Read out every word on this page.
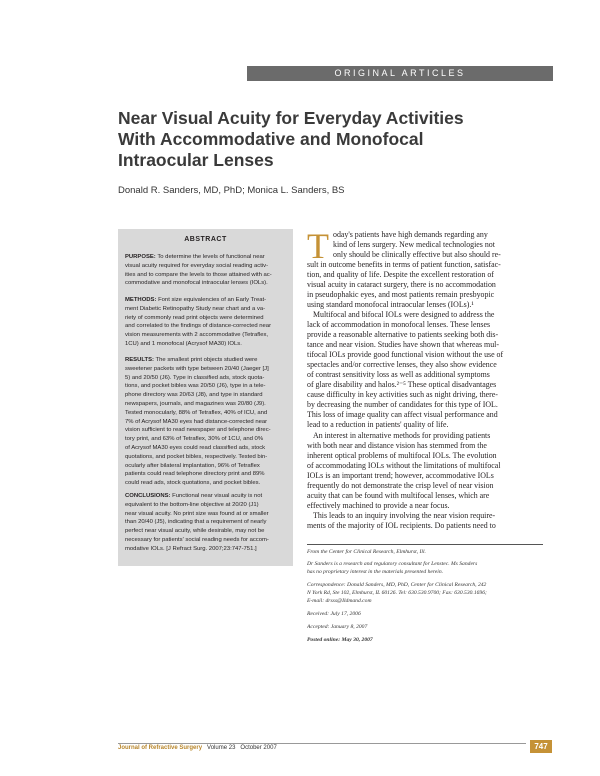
ORIGINAL ARTICLES
Near Visual Acuity for Everyday Activities
With Accommodative and Monofocal
Intraocular Lenses
Donald R. Sanders, MD, PhD; Monica L. Sanders, BS
ABSTRACT
PURPOSE: To determine the levels of functional near
visual acuity required for everyday social reading activ-
ities and to compare the levels to those attained with ac-
commodative and monofocal intraocular lenses (IOLs).
METHODS: Font size equivalencies of an Early Treat-
ment Diabetic Retinopathy Study near chart and a va-
riety of commonly read print objects were determined
and correlated to the findings of distance-corrected near
vision measurements with 2 accommodative (Tetraflex,
1CU) and 1 monofocal (Acrysof MA30) IOLs.
RESULTS: The smallest print objects studied were
sweetener packets with type between 20/40 (Jaeger [J]
5) and 20/50 (J6). Type in classified ads, stock quota-
tions, and pocket bibles was 20/50 (J6), type in a tele-
phone directory was 20/63 (J8), and type in standard
newspapers, journals, and magazines was 20/80 (J9).
Tested monocularly, 88% of Tetraflex, 40% of ICU, and
7% of Acrysof MA30 eyes had distance-corrected near
vision sufficient to read newspaper and telephone direc-
tory print, and 63% of Tetraflex, 30% of 1CU, and 0%
of Acrysof MA30 eyes could read classified ads, stock
quotations, and pocket bibles, respectively. Tested bin-
ocularly after bilateral implantation, 96% of Tetraflex
patients could read telephone directory print and 89%
could read ads, stock quotations, and pocket bibles.
CONCLUSIONS: Functional near visual acuity is not
equivalent to the bottom-line objective at 20/20 (J1)
near visual acuity. No print size was found at or smaller
than 20/40 (J5), indicating that a requirement of nearly
perfect near visual acuity, while desirable, may not be
necessary for patients' social reading needs for accom-
modative IOLs. [J Refract Surg. 2007;23:747-751.]
T oday's patients have high demands regarding any
kind of lens surgery. New medical technologies not
only should be clinically effective but also should re-
sult in outcome benefits in terms of patient function, satisfac-
tion, and quality of life. Despite the excellent restoration of
visual acuity in cataract surgery, there is no accommodation
in pseudophakic eyes, and most patients remain presbyopic
using standard monofocal intraocular lenses (IOLs).¹
Multifocal and bifocal IOLs were designed to address the
lack of accommodation in monofocal lenses. These lenses
provide a reasonable alternative to patients seeking both dis-
tance and near vision. Studies have shown that whereas mul-
tifocal IOLs provide good functional vision without the use of
spectacles and/or corrective lenses, they also show evidence
of contrast sensitivity loss as well as additional symptoms
of glare disability and halos.²⁻⁵ These optical disadvantages
cause difficulty in key activities such as night driving, there-
by decreasing the number of candidates for this type of IOL.
This loss of image quality can affect visual performance and
lead to a reduction in patients' quality of life.
An interest in alternative methods for providing patients
with both near and distance vision has stemmed from the
inherent optical problems of multifocal IOLs. The evolution
of accommodating IOLs without the limitations of multifocal
IOLs is an important trend; however, accommodative IOLs
frequently do not demonstrate the crisp level of near vision
acuity that can be found with multifocal lenses, which are
effectively machined to provide a near focus.
This leads to an inquiry involving the near vision require-
ments of the majority of IOL recipients. Do patients need to
From the Center for Clinical Research, Elmhurst, Ill.
Dr Sanders is a research and regulatory consultant for Lenstec. Ms Sanders
has no proprietary interest in the materials presented herein.
Correspondence: Donald Sanders, MD, PhD, Center for Clinical Research, 242
N York Rd, Ste 102, Elmhurst, IL 60126. Tel: 630.530.9700; Fax: 630.530.1696;
E-mail: drsss@Ildmand.com
Received: July 17, 2006
Accepted: January 8, 2007
Posted online: May 30, 2007
Journal of Refractive Surgery Volume 23 October 2007	747
